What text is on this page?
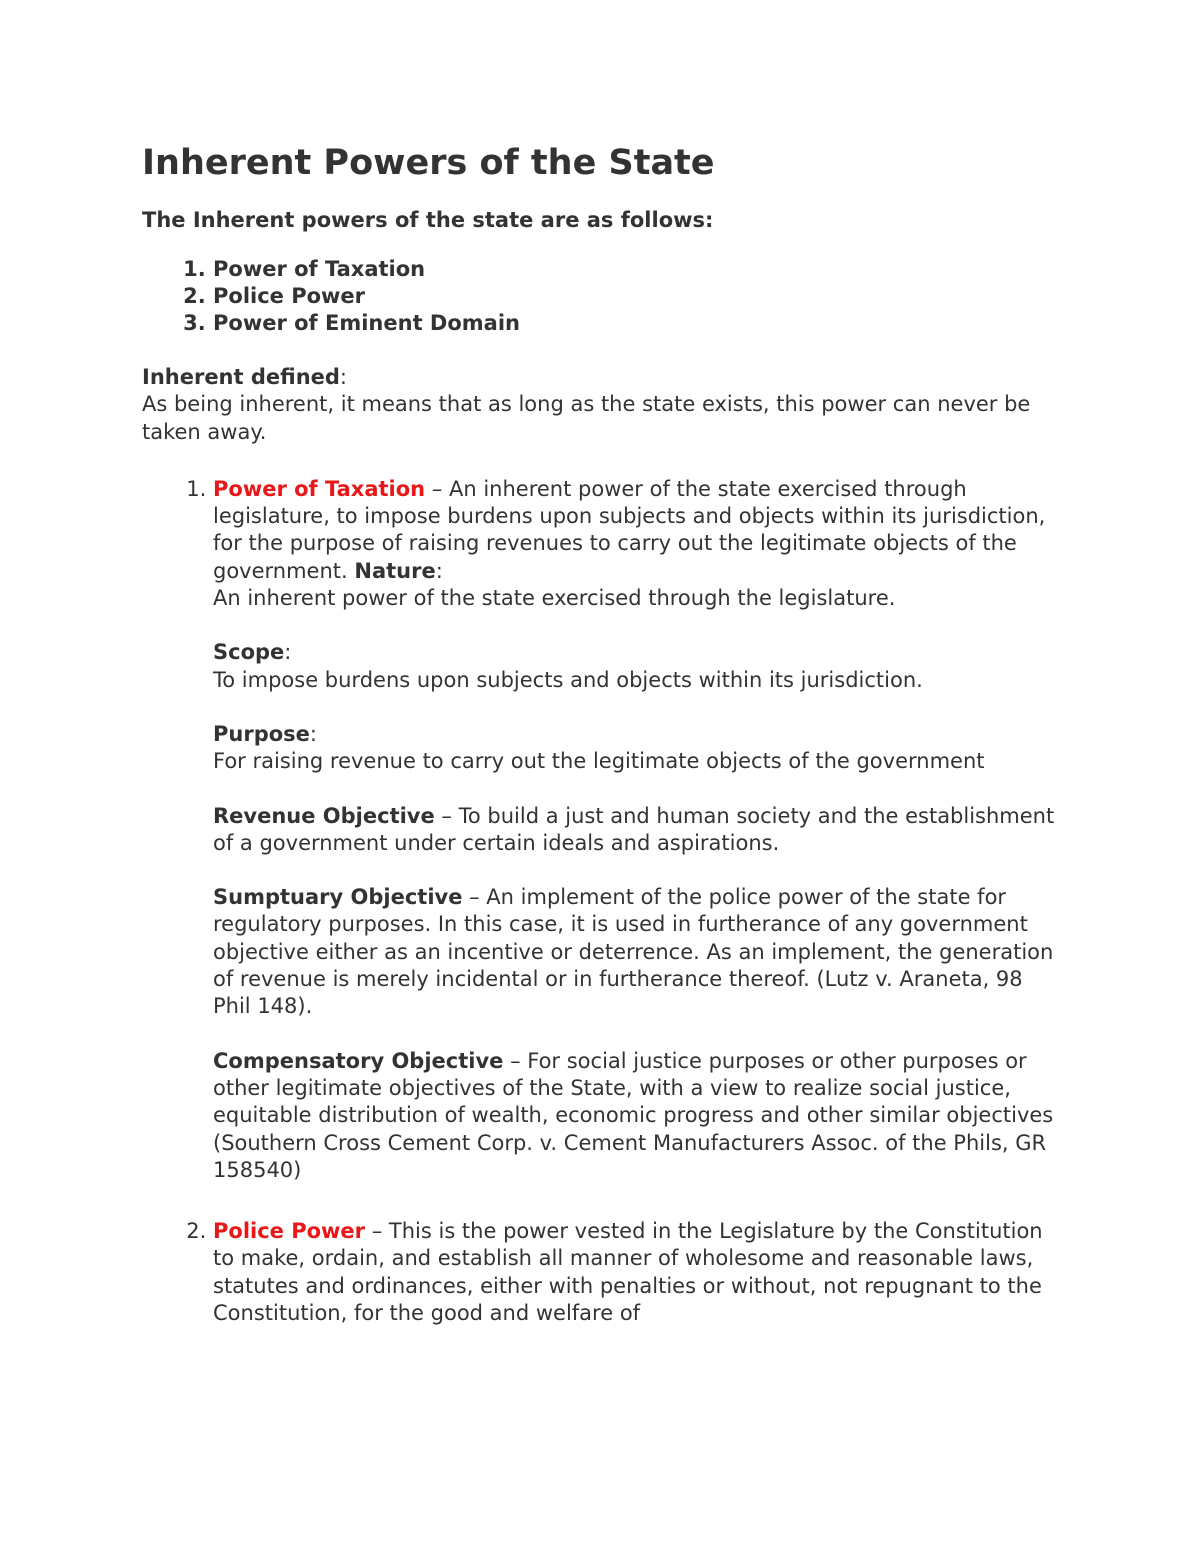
Inherent Powers of the State

The Inherent powers of the state are as follows:

1. Power of Taxation
2. Police Power
3. Power of Eminent Domain

Inherent defined:

As being inherent, it means that as long as the state exists, this power can never be taken away.

1. Power of Taxation – An inherent power of the state exercised through legislature, to impose burdens upon subjects and objects within its jurisdiction, for the purpose of raising revenues to carry out the legitimate objects of the government. Nature:
An inherent power of the state exercised through the legislature.

Scope:
To impose burdens upon subjects and objects within its jurisdiction.

Purpose:
For raising revenue to carry out the legitimate objects of the government

Revenue Objective – To build a just and human society and the establishment of a government under certain ideals and aspirations.

Sumptuary Objective – An implement of the police power of the state for regulatory purposes. In this case, it is used in furtherance of any government objective either as an incentive or deterrence. As an implement, the generation of revenue is merely incidental or in furtherance thereof. (Lutz v. Araneta, 98 Phil 148).

Compensatory Objective – For social justice purposes or other purposes or other legitimate objectives of the State, with a view to realize social justice, equitable distribution of wealth, economic progress and other similar objectives (Southern Cross Cement Corp. v. Cement Manufacturers Assoc. of the Phils, GR 158540)

2. Police Power – This is the power vested in the Legislature by the Constitution to make, ordain, and establish all manner of wholesome and reasonable laws, statutes and ordinances, either with penalties or without, not repugnant to the Constitution, for the good and welfare of
